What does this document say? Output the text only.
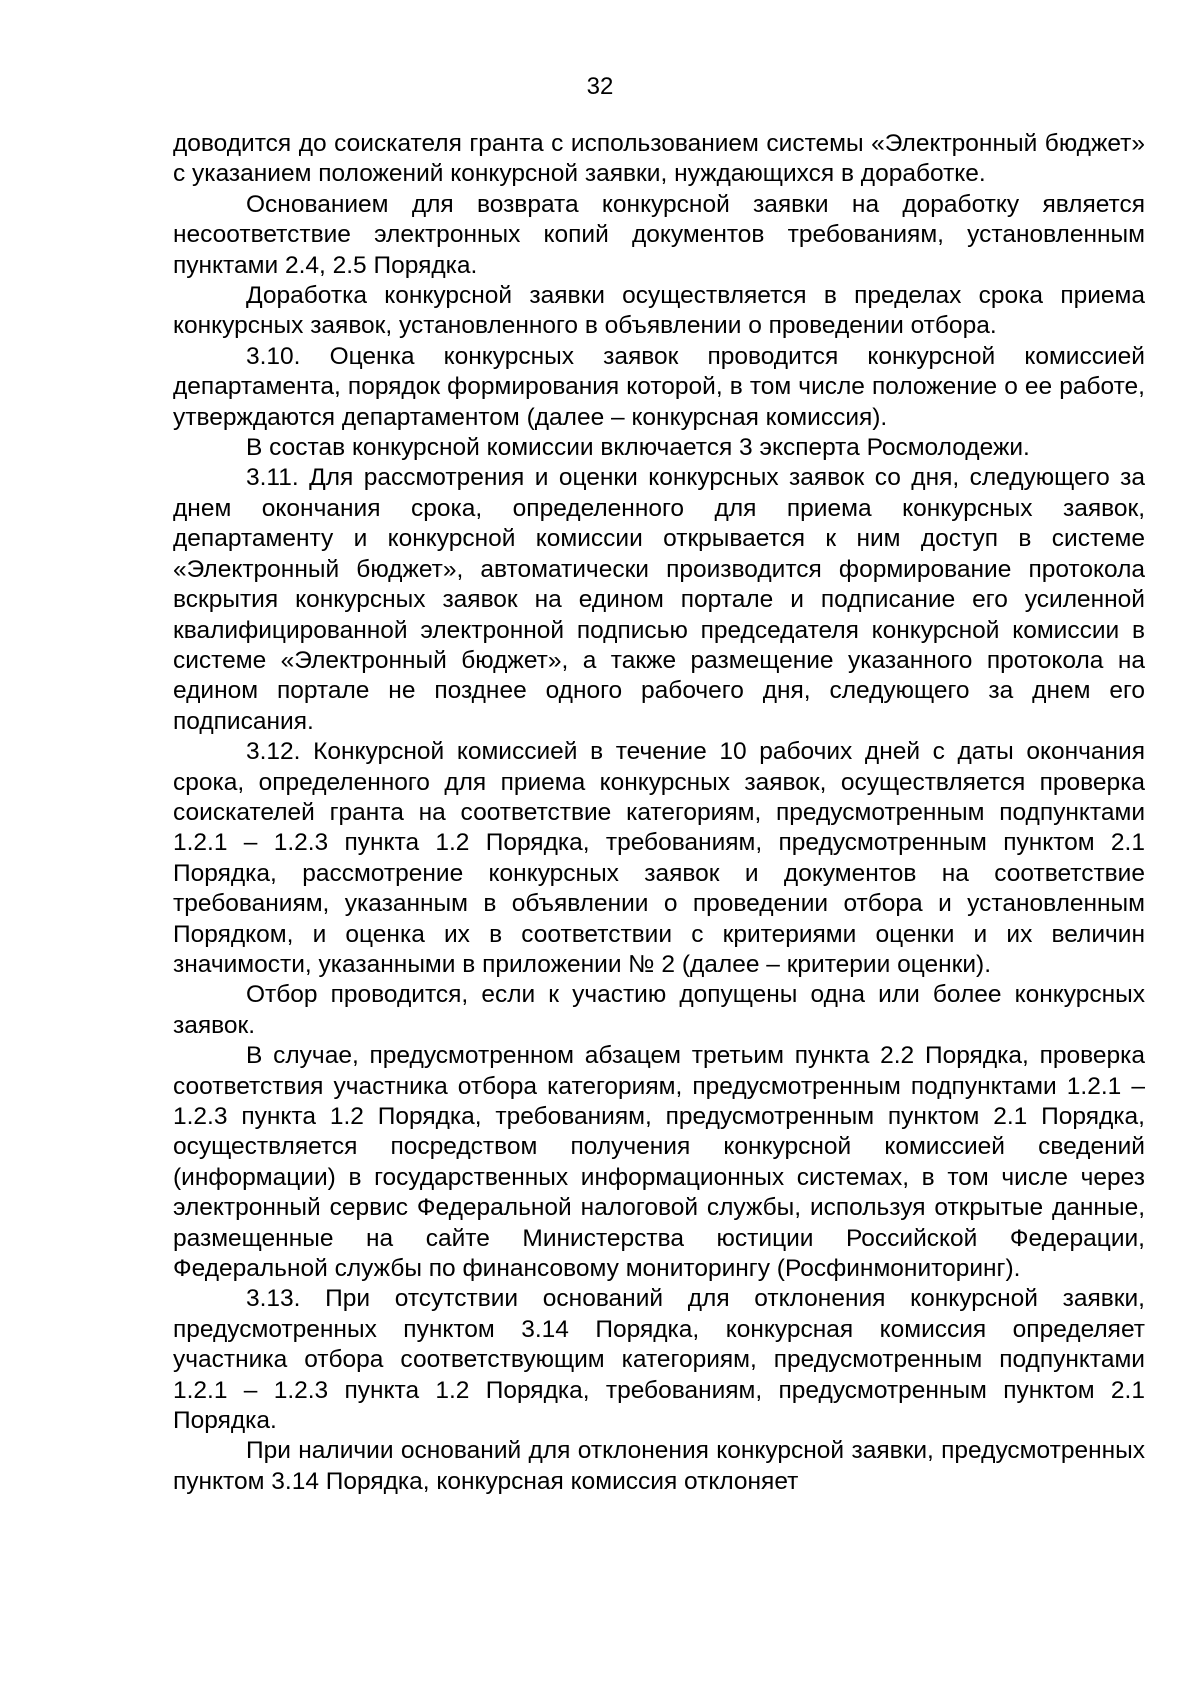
32

доводится до соискателя гранта с использованием системы «Электронный бюджет» с указанием положений конкурсной заявки, нуждающихся в доработке.

Основанием для возврата конкурсной заявки на доработку является несоответствие электронных копий документов требованиям, установленным пунктами 2.4, 2.5 Порядка.

Доработка конкурсной заявки осуществляется в пределах срока приема конкурсных заявок, установленного в объявлении о проведении отбора.

3.10. Оценка конкурсных заявок проводится конкурсной комиссией департамента, порядок формирования которой, в том числе положение о ее работе, утверждаются департаментом (далее – конкурсная комиссия).

В состав конкурсной комиссии включается 3 эксперта Росмолодежи.

3.11. Для рассмотрения и оценки конкурсных заявок со дня, следующего за днем окончания срока, определенного для приема конкурсных заявок, департаменту и конкурсной комиссии открывается к ним доступ в системе «Электронный бюджет», автоматически производится формирование протокола вскрытия конкурсных заявок на едином портале и подписание его усиленной квалифицированной электронной подписью председателя конкурсной комиссии в системе «Электронный бюджет», а также размещение указанного протокола на едином портале не позднее одного рабочего дня, следующего за днем его подписания.

3.12. Конкурсной комиссией в течение 10 рабочих дней с даты окончания срока, определенного для приема конкурсных заявок, осуществляется проверка соискателей гранта на соответствие категориям, предусмотренным подпунктами 1.2.1 – 1.2.3 пункта 1.2 Порядка, требованиям, предусмотренным пунктом 2.1 Порядка, рассмотрение конкурсных заявок и документов на соответствие требованиям, указанным в объявлении о проведении отбора и установленным Порядком, и оценка их в соответствии с критериями оценки и их величин значимости, указанными в приложении № 2 (далее – критерии оценки).

Отбор проводится, если к участию допущены одна или более конкурсных заявок.

В случае, предусмотренном абзацем третьим пункта 2.2 Порядка, проверка соответствия участника отбора категориям, предусмотренным подпунктами 1.2.1 – 1.2.3 пункта 1.2 Порядка, требованиям, предусмотренным пунктом 2.1 Порядка, осуществляется посредством получения конкурсной комиссией сведений (информации) в государственных информационных системах, в том числе через электронный сервис Федеральной налоговой службы, используя открытые данные, размещенные на сайте Министерства юстиции Российской Федерации, Федеральной службы по финансовому мониторингу (Росфинмониторинг).

3.13. При отсутствии оснований для отклонения конкурсной заявки, предусмотренных пунктом 3.14 Порядка, конкурсная комиссия определяет участника отбора соответствующим категориям, предусмотренным подпунктами 1.2.1 – 1.2.3 пункта 1.2 Порядка, требованиям, предусмотренным пунктом 2.1 Порядка.

При наличии оснований для отклонения конкурсной заявки, предусмотренных пунктом 3.14 Порядка, конкурсная комиссия отклоняет
